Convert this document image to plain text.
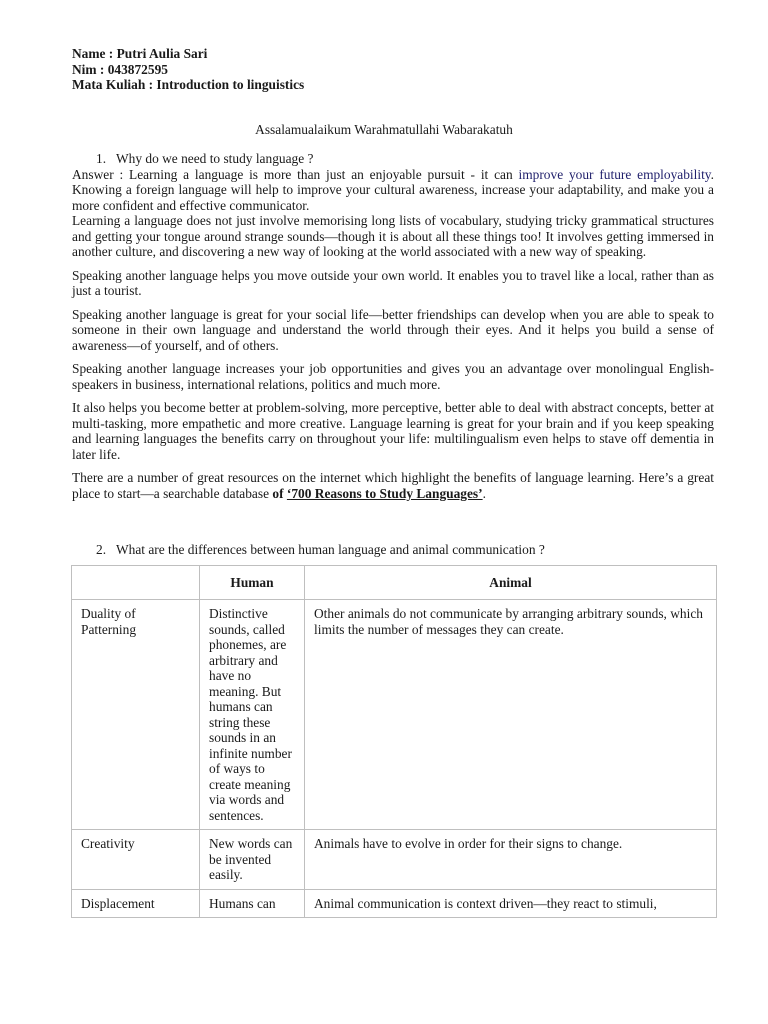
Name : Putri Aulia Sari
Nim : 043872595
Mata Kuliah : Introduction to linguistics
Assalamualaikum Warahmatullahi Wabarakatuh
1. Why do we need to study language ?

Answer : Learning a language is more than just an enjoyable pursuit - it can improve your future employability. Knowing a foreign language will help to improve your cultural awareness, increase your adaptability, and make you a more confident and effective communicator.

Learning a language does not just involve memorising long lists of vocabulary, studying tricky grammatical structures and getting your tongue around strange sounds—though it is about all these things too! It involves getting immersed in another culture, and discovering a new way of looking at the world associated with a new way of speaking.

Speaking another language helps you move outside your own world. It enables you to travel like a local, rather than as just a tourist.

Speaking another language is great for your social life—better friendships can develop when you are able to speak to someone in their own language and understand the world through their eyes. And it helps you build a sense of awareness—of yourself, and of others.

Speaking another language increases your job opportunities and gives you an advantage over monolingual English-speakers in business, international relations, politics and much more.

It also helps you become better at problem-solving, more perceptive, better able to deal with abstract concepts, better at multi-tasking, more empathetic and more creative. Language learning is great for your brain and if you keep speaking and learning languages the benefits carry on throughout your life: multilingualism even helps to stave off dementia in later life.

There are a number of great resources on the internet which highlight the benefits of language learning. Here’s a great place to start—a searchable database of ‘700 Reasons to Study Languages’.

2. What are the differences between human language and animal communication ?
	Human	Animal
Duality of Patterning	Distinctive sounds, called phonemes, are arbitrary and have no meaning. But humans can string these sounds in an infinite number of ways to create meaning via words and sentences.	Other animals do not communicate by arranging arbitrary sounds, which limits the number of messages they can create.
Creativity	New words can be invented easily.	Animals have to evolve in order for their signs to change.
Displacement	Humans can	Animal communication is context driven—they react to stimuli,
